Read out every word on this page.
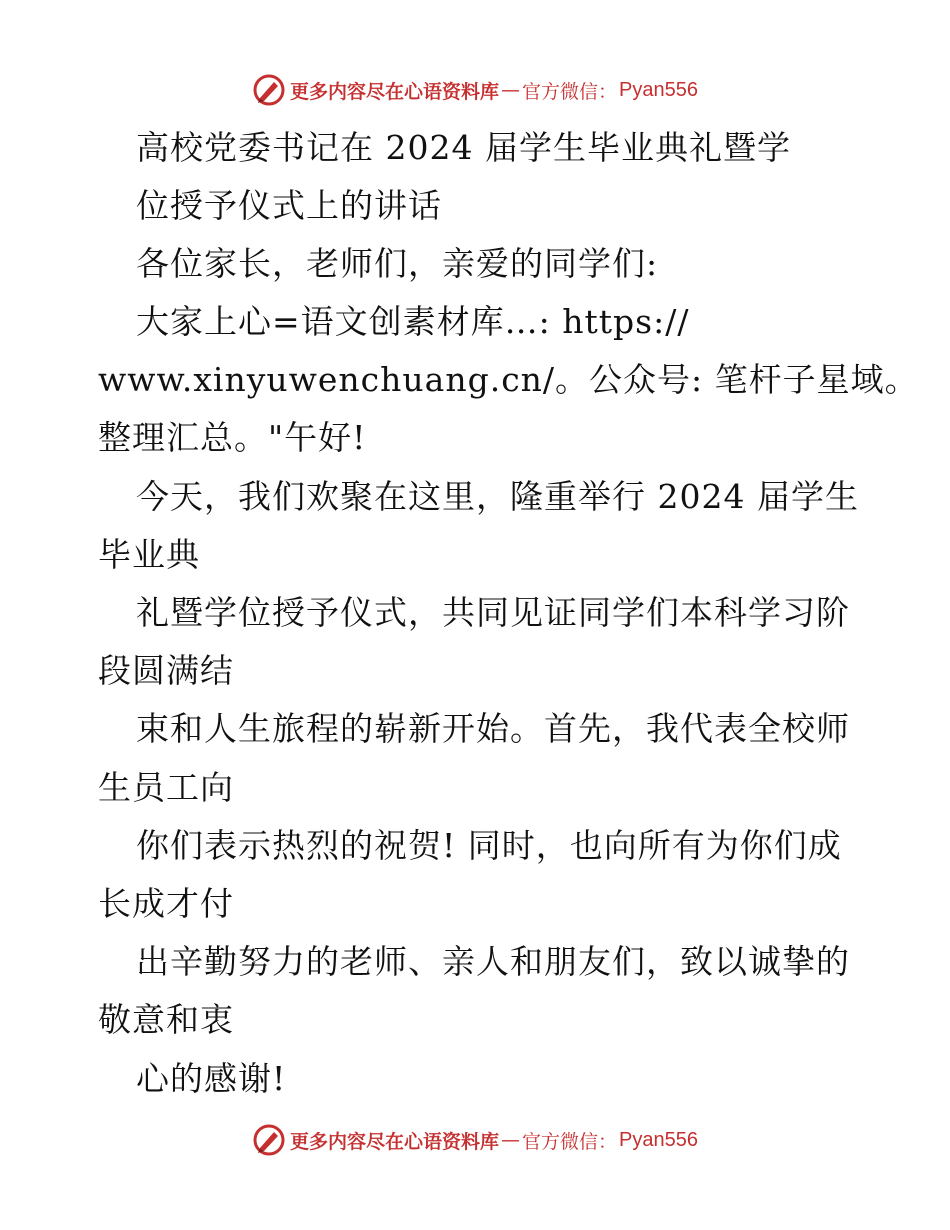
更多内容尽在心语资料库 — 官方微信： Pyan556
高校党委书记在 2024 届学生毕业典礼暨学
位授予仪式上的讲话
各位家长，老师们，亲爱的同学们:
大家上心=语文创素材库…: https://
www.xinyuwenchuang.cn/。公众号: 笔杆子星域。
整理汇总。"午好!
今天，我们欢聚在这里，隆重举行 2024 届学生
毕业典
礼暨学位授予仪式，共同见证同学们本科学习阶
段圆满结
束和人生旅程的崭新开始。首先，我代表全校师
生员工向
你们表示热烈的祝贺! 同时，也向所有为你们成
长成才付
出辛勤努力的老师、亲人和朋友们，致以诚挚的
敬意和衷
心的感谢!
更多内容尽在心语资料库 — 官方微信： Pyan556
